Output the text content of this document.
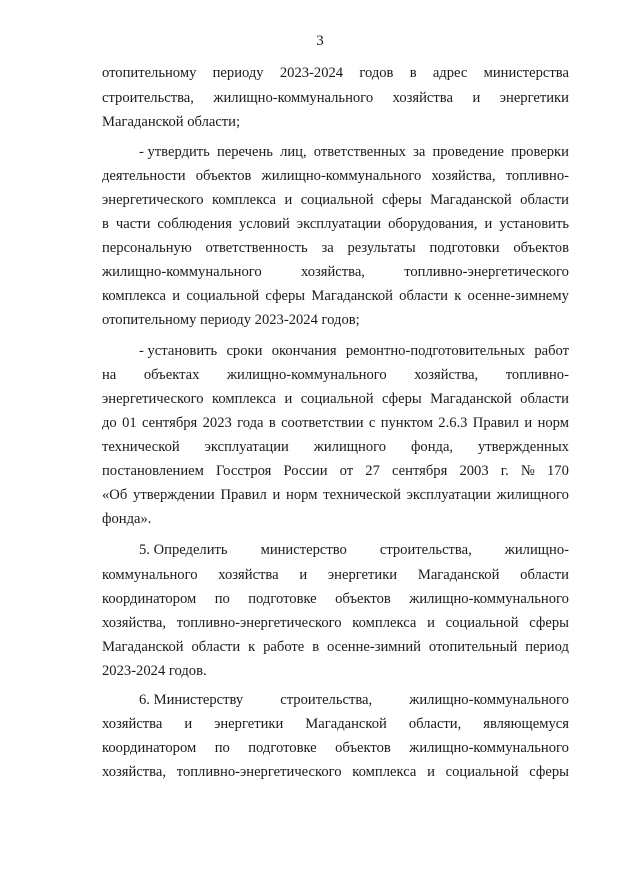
3
отопительному периоду 2023-2024 годов в адрес министерства
строительства, жилищно-коммунального хозяйства и энергетики
Магаданской области;
- утвердить перечень лиц, ответственных за проведение проверки
деятельности объектов жилищно-коммунального хозяйства, топливно-
энергетического комплекса и социальной сферы Магаданской области
в части соблюдения условий эксплуатации оборудования, и установить
персональную ответственность за результаты подготовки объектов
жилищно-коммунального	хозяйства,	топливно-энергетического
комплекса и социальной сферы Магаданской области к осенне-зимнему
отопительному периоду 2023-2024 годов;
- установить сроки окончания ремонтно-подготовительных работ
на объектах жилищно-коммунального хозяйства, топливно-
энергетического комплекса и социальной сферы Магаданской области
до 01 сентября 2023 года в соответствии с пунктом 2.6.3 Правил и норм
технической эксплуатации жилищного фонда, утвержденных
постановлением Госстроя России от 27 сентября 2003 г. № 170
«Об утверждении Правил и норм технической эксплуатации жилищного
фонда».
5. Определить министерство строительства, жилищно-
коммунального хозяйства и энергетики Магаданской области
координатором по подготовке объектов жилищно-коммунального
хозяйства, топливно-энергетического комплекса и социальной сферы
Магаданской области к работе в осенне-зимний отопительный период
2023-2024 годов.
6. Министерству	строительства,	жилищно-коммунального
хозяйства и энергетики Магаданской области, являющемуся
координатором по подготовке объектов жилищно-коммунального
хозяйства, топливно-энергетического комплекса и социальной сферы
